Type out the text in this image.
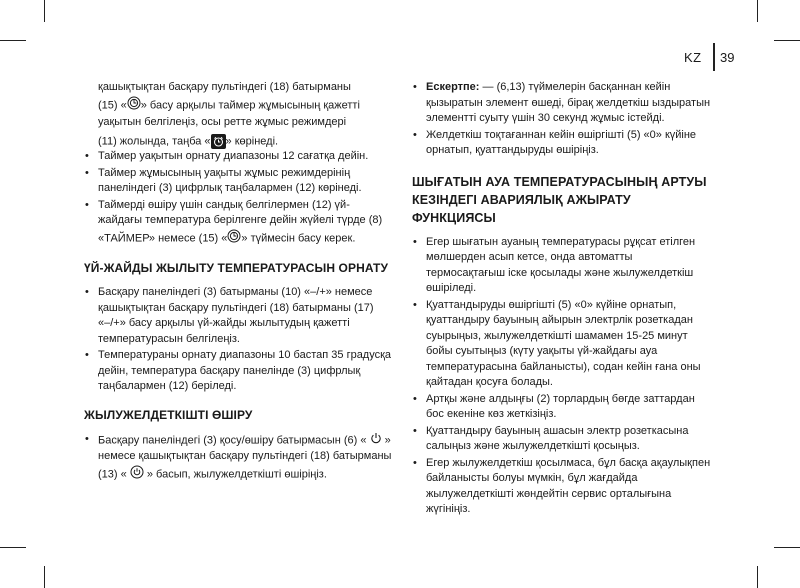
KZ 39
қашықтықтан басқару пультіндегі (18) батырманы
(15) « » басу арқылы таймер жұмысының қажетті
уақытын белгілеңіз, осы ретте жұмыс режимдері
(11) жолында, таңба « » көрінеді.
• Таймер уақытын орнату диапазоны 12 сағатқа дейін.
• Таймер жұмысының уақыты жұмыс режимдерінің панеліндегі (3) цифрлық таңбалармен (12) көрінеді.
• Таймерді өшіру үшін сандық белгілермен (12) үй-жайдағы температура берілгенге дейін жүйелі түрде (8) «ТАЙМЕР» немесе (15) « » түймесін басу керек.
ҮЙ-ЖАЙДЫ ЖЫЛЫТУ ТЕМПЕРАТУРАСЫН ОРНАТУ
• Басқару панеліндегі (3) батырманы (10) «–/+» немесе қашықтықтан басқару пультіндегі (18) батырманы (17) «–/+» басу арқылы үй-жайды жылытудың қажетті температурасын белгілеңіз.
• Температураны орнату диапазоны 10 бастап 35 градусқа дейін, температура басқару панелінде (3) цифрлық таңбалармен (12) беріледі.
ЖЫЛУЖЕЛДЕТКІШТІ ӨШІРУ
• Басқару панеліндегі (3) қосу/өшіру батырмасын (6) «  » немесе қашықтықтан басқару пультіндегі (18) батырманы (13) «  » басып, жылужелдеткішті өшіріңіз.
• Ескертпе: — (6,13) түймелерін басқаннан кейін қызыратын элемент өшеді, бірақ желдеткіш ыздыратын элементті суыту үшін 30 секунд жұмыс істейді.
• Желдеткіш тоқтағаннан кейін өшіргішті (5) «0» күйіне орнатып, қуаттандыруды өшіріңіз.
ШЫҒАТЫН АУА ТЕМПЕРАТУРАСЫНЫҢ АРТУЫ КЕЗІНДЕГІ АВАРИЯЛЫҚ АЖЫРАТУ ФУНКЦИЯСЫ
• Егер шығатын ауаның температурасы рұқсат етілген мөлшерден асып кетсе, онда автоматты термосақтағыш іске қосылады және жылужелдеткіш өшіріледі.
• Қуаттандыруды өшіргішті (5) «0» күйіне орнатып, қуаттандыру бауының айырын электрлік розеткадан суырыңыз, жылужелдеткішті шамамен 15-25 минут бойы суытыңыз (күту уақыты үй-жайдағы ауа температурасына байланысты), содан кейін ғана оны қайтадан қосуға болады.
• Артқы және алдыңғы (2) торлардың бөгде заттардан бос екеніне көз жеткізіңіз.
• Қуаттандыру бауының ашасын электр розеткасына салыңыз және жылужелдеткішті қосыңыз.
• Егер жылужелдеткіш қосылмаса, бұл басқа ақаулықпен байланысты болуы мүмкін, бұл жағдайда жылужелдеткішті жөндейтін сервис орталығына жүгініңіз.
